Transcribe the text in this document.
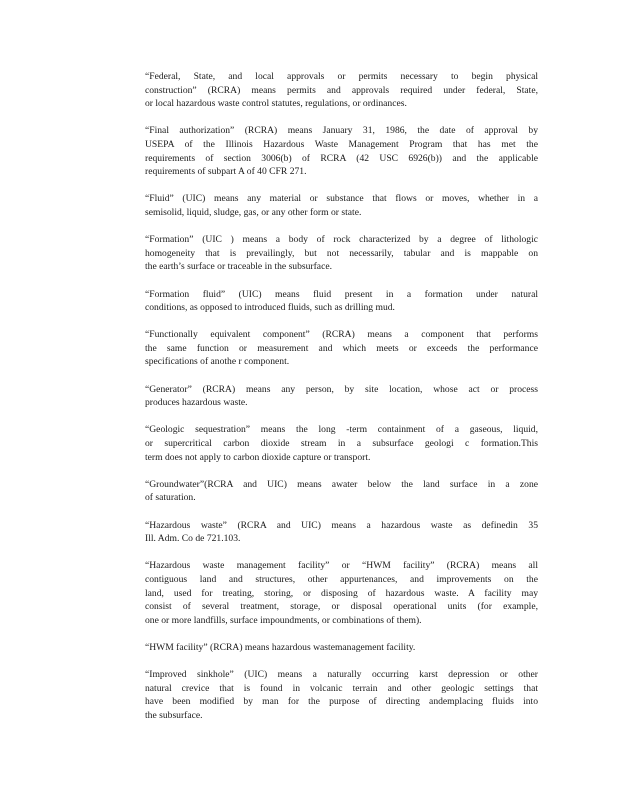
“Federal, State, and local approvals or permits necessary to begin physical
construction” (RCRA) means permits and approvals required under federal, State,
or local hazardous waste control statutes, regulations, or ordinances.
“Final authorization” (RCRA) means January 31, 1986, the date of approval by
USEPA of the Illinois Hazardous Waste Management Program that has met the
requirements of section 3006(b) of RCRA (42 USC 6926(b)) and the applicable
requirements of subpart A of 40 CFR 271.
“Fluid” (UIC) means any material or substance that flows or moves, whether in a
semisolid, liquid, sludge, gas, or any other form or state.
“Formation” (UIC ) means a body of rock characterized by a degree of lithologic
homogeneity that is prevailingly, but not necessarily, tabular and is mappable on
the earth’s surface or traceable in the subsurface.
“Formation fluid” (UIC) means fluid present in a formation under natural
conditions, as opposed to introduced fluids, such as drilling mud.
“Functionally equivalent component” (RCRA) means a component that performs
the same function or measurement and which meets or exceeds the performance
specifications of anothe r component.
“Generator” (RCRA) means any person, by site location, whose act or process
produces hazardous waste.
“Geologic sequestration” means the long -term containment of a gaseous, liquid,
or supercritical carbon dioxide stream in a subsurface geologi c formation.This
term does not apply to carbon dioxide capture or transport.
“Groundwater”(RCRA and UIC) means awater below the land surface in a zone
of saturation.
“Hazardous waste” (RCRA and UIC) means a hazardous waste as definedin 35
Ill. Adm. Co de 721.103.
“Hazardous waste management facility” or “HWM facility” (RCRA) means all
contiguous land and structures, other appurtenances, and improvements on the
land, used for treating, storing, or disposing of hazardous waste. A facility may
consist of several treatment, storage, or disposal operational units (for example,
one or more landfills, surface impoundments, or combinations of them).
“HWM facility” (RCRA) means hazardous wastemanagement facility.
“Improved sinkhole” (UIC) means a naturally occurring karst depression or other
natural crevice that is found in volcanic terrain and other geologic settings that
have been modified by man for the purpose of directing andemplacing fluids into
the subsurface.
